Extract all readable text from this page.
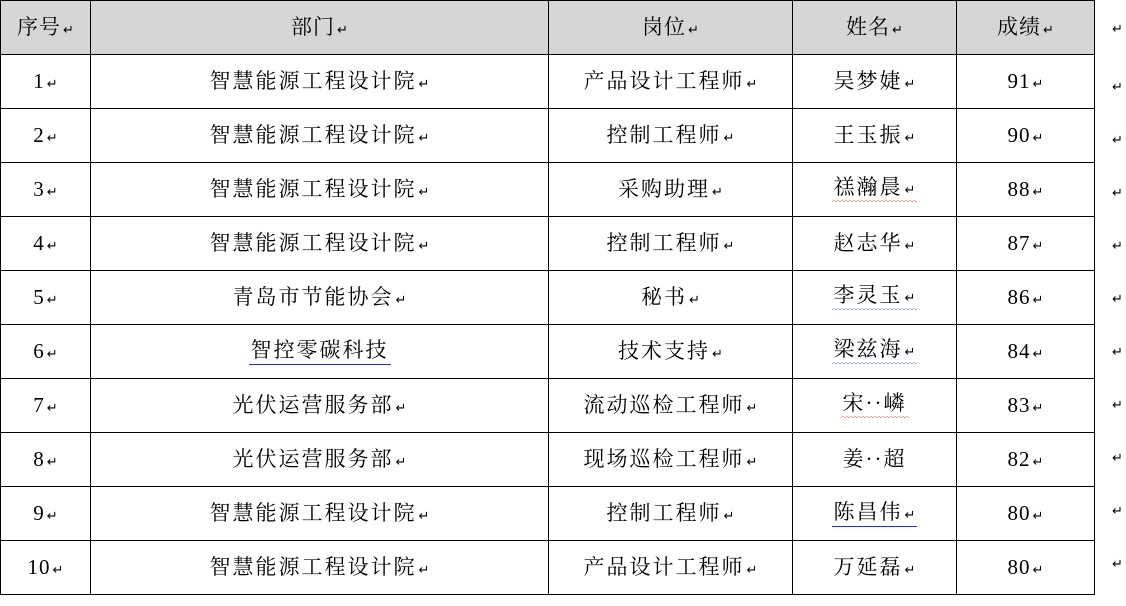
序号 ↵	部门 ↵	岗位 ↵	姓名 ↵	成绩 ↵
1 ↵	智慧能源工程设计院 ↵	产品设计工程师 ↵	吴梦婕 ↵	91 ↵
2 ↵	智慧能源工程设计院 ↵	控制工程师 ↵	王玉振 ↵	90 ↵
3 ↵	智慧能源工程设计院 ↵	采购助理 ↵	禚瀚晨 ↵	88 ↵
4 ↵	智慧能源工程设计院 ↵	控制工程师 ↵	赵志华 ↵	87 ↵
5 ↵	青岛市节能协会 ↵	秘书 ↵	李灵玉 ↵	86 ↵
6 ↵	智控零碳科技	技术支持 ↵	梁兹海 ↵	84 ↵
7 ↵	光伏运营服务部 ↵	流动巡检工程师 ↵	宋··嶙	83 ↵
8 ↵	光伏运营服务部 ↵	现场巡检工程师 ↵	姜··超	82 ↵
9 ↵	智慧能源工程设计院 ↵	控制工程师 ↵	陈昌伟 ↵	80 ↵
10 ↵	智慧能源工程设计院 ↵	产品设计工程师 ↵	万延磊 ↵	80 ↵
↵
↵
↵
↵
↵
↵
↵
↵
↵
↵
↵
